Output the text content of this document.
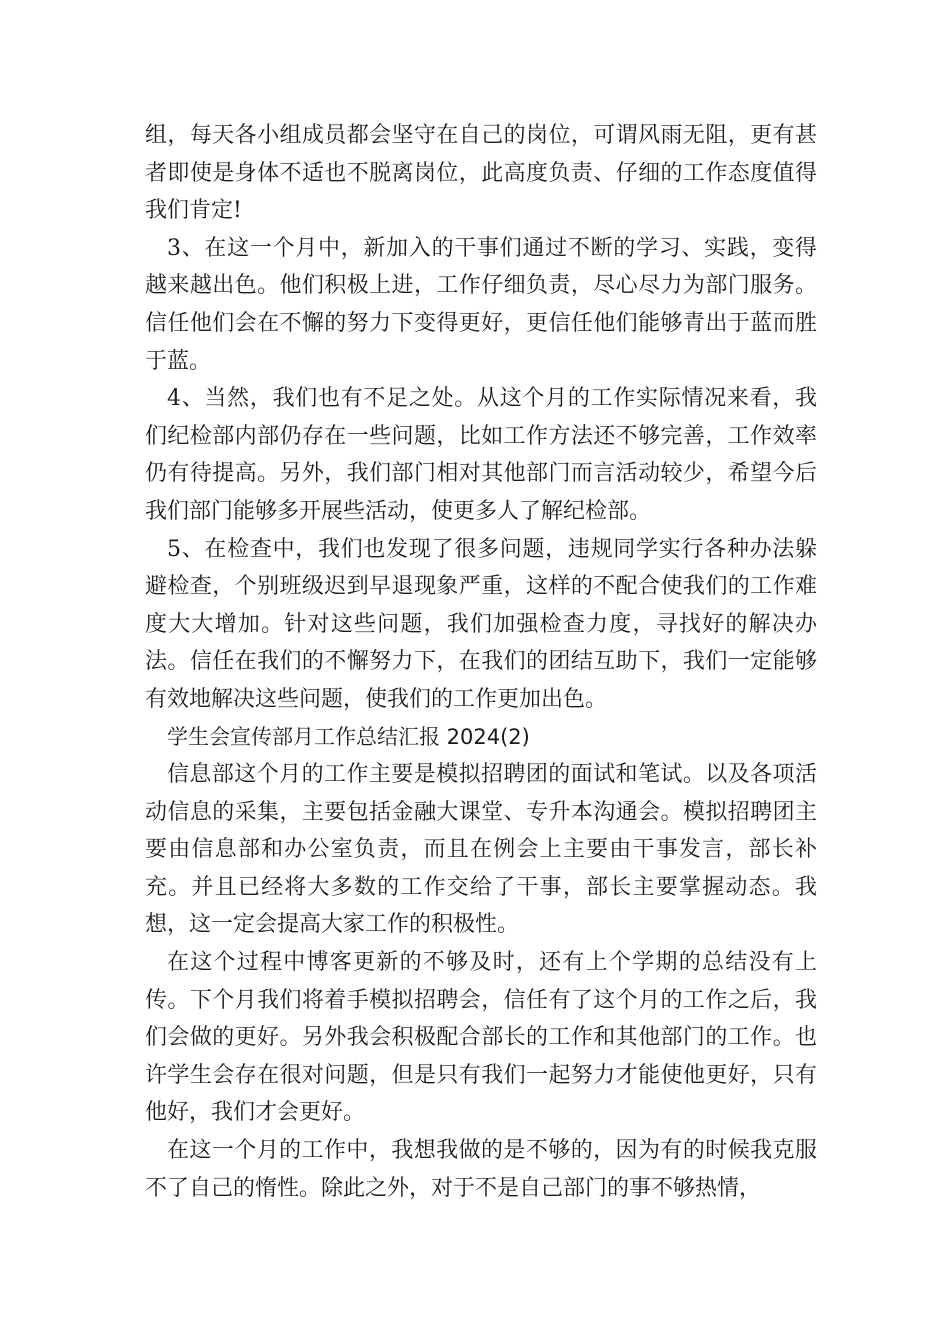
组，每天各小组成员都会坚守在自己的岗位，可谓风雨无阻，更有甚者即使是身体不适也不脱离岗位，此高度负责、仔细的工作态度值得我们肯定!

3、在这一个月中，新加入的干事们通过不断的学习、实践，变得越来越出色。他们积极上进，工作仔细负责，尽心尽力为部门服务。信任他们会在不懈的努力下变得更好，更信任他们能够青出于蓝而胜于蓝。

4、当然，我们也有不足之处。从这个月的工作实际情况来看，我们纪检部内部仍存在一些问题，比如工作方法还不够完善，工作效率仍有待提高。另外，我们部门相对其他部门而言活动较少，希望今后我们部门能够多开展些活动，使更多人了解纪检部。

5、在检查中，我们也发现了很多问题，违规同学实行各种办法躲避检查，个别班级迟到早退现象严重，这样的不配合使我们的工作难度大大增加。针对这些问题，我们加强检查力度，寻找好的解决办法。信任在我们的不懈努力下，在我们的团结互助下，我们一定能够有效地解决这些问题，使我们的工作更加出色。

学生会宣传部月工作总结汇报 2024(2)

信息部这个月的工作主要是模拟招聘团的面试和笔试。以及各项活动信息的采集，主要包括金融大课堂、专升本沟通会。模拟招聘团主要由信息部和办公室负责，而且在例会上主要由干事发言，部长补充。并且已经将大多数的工作交给了干事，部长主要掌握动态。我想，这一定会提高大家工作的积极性。

在这个过程中博客更新的不够及时，还有上个学期的总结没有上传。下个月我们将着手模拟招聘会，信任有了这个月的工作之后，我们会做的更好。另外我会积极配合部长的工作和其他部门的工作。也许学生会存在很对问题，但是只有我们一起努力才能使他更好，只有他好，我们才会更好。

在这一个月的工作中，我想我做的是不够的，因为有的时候我克服不了自己的惰性。除此之外，对于不是自己部门的事不够热情，
